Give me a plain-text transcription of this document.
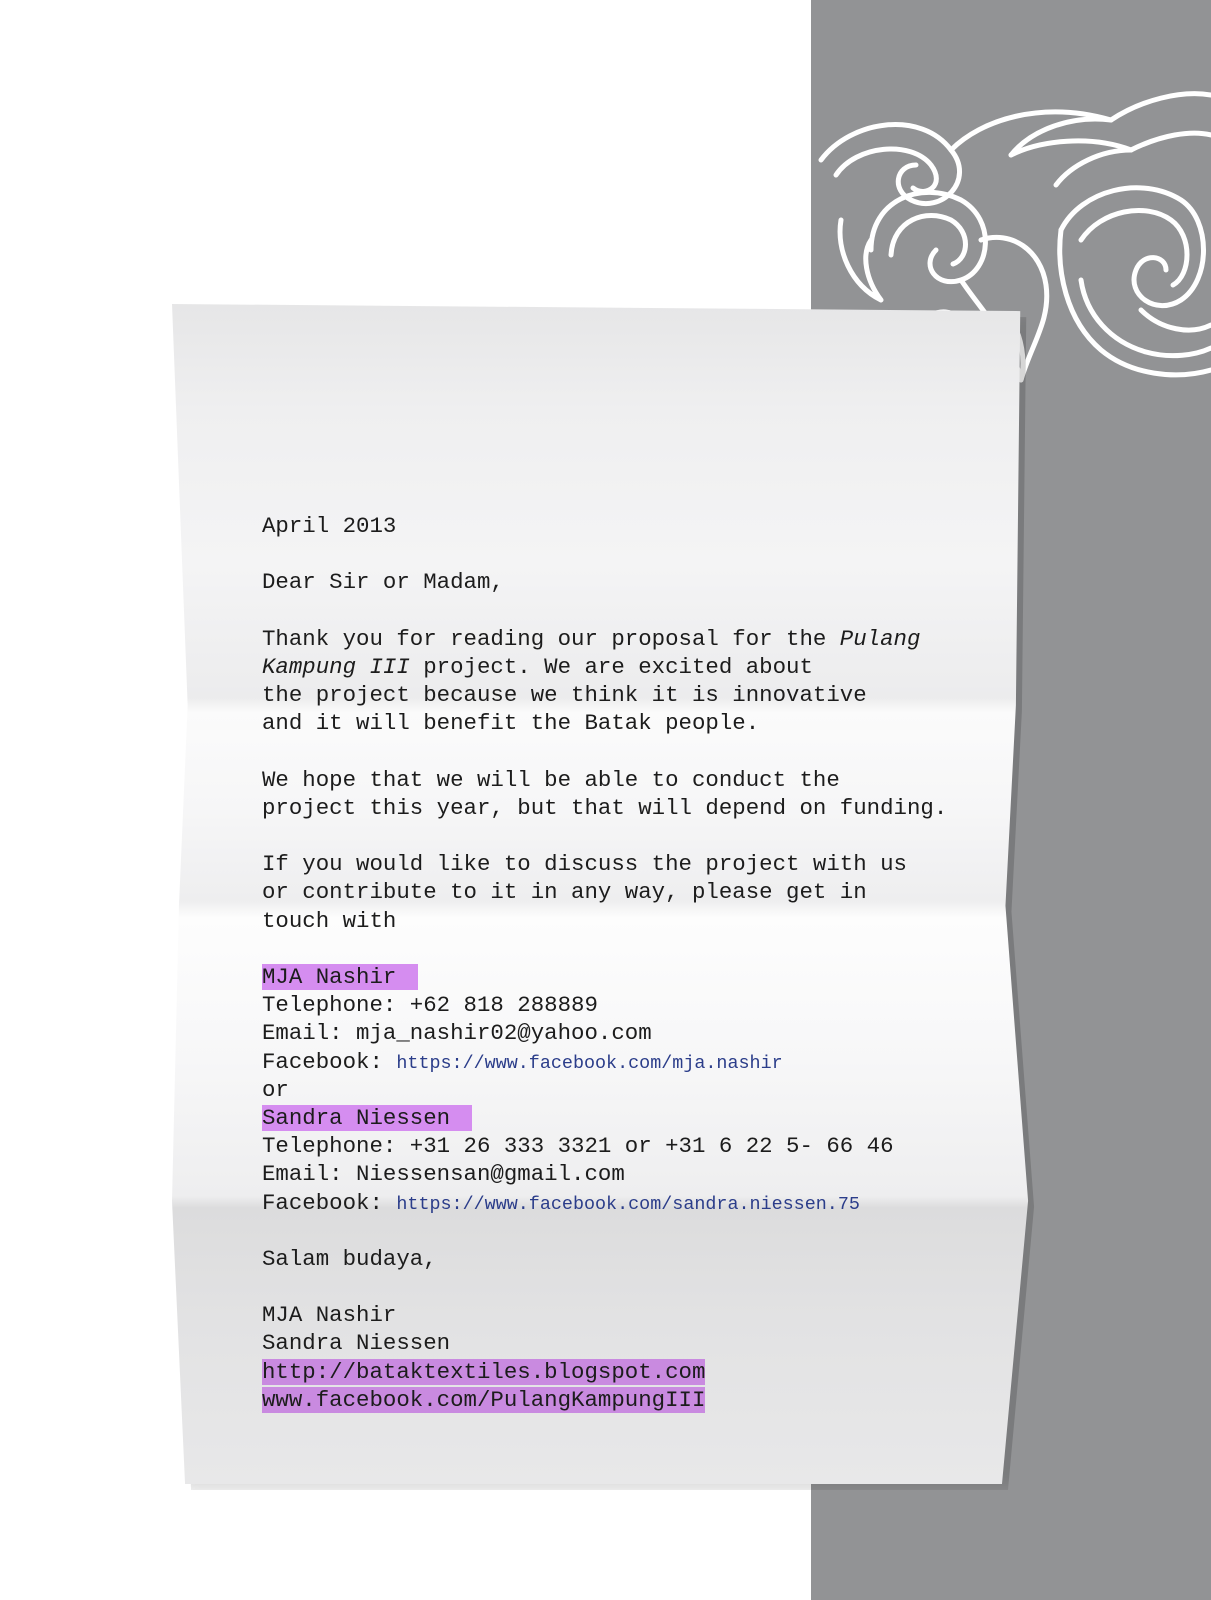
April 2013
Dear Sir or Madam,
Thank you for reading our proposal for the Pulang
Kampung III project. We are excited about
the project because we think it is innovative
and it will benefit the Batak people.
We hope that we will be able to conduct the
project this year, but that will depend on funding.
If you would like to discuss the project with us
or contribute to it in any way, please get in
touch with
MJA Nashir
Telephone: +62 818 288889
Email: mja_nashir02@yahoo.com
Facebook: https://www.facebook.com/mja.nashir
or
Sandra Niessen
Telephone: +31 26 333 3321 or +31 6 22 5- 66 46
Email: Niessensan@gmail.com
Facebook: https://www.facebook.com/sandra.niessen.75
Salam budaya,
MJA Nashir
Sandra Niessen
http://bataktextiles.blogspot.com
www.facebook.com/PulangKampungIII
